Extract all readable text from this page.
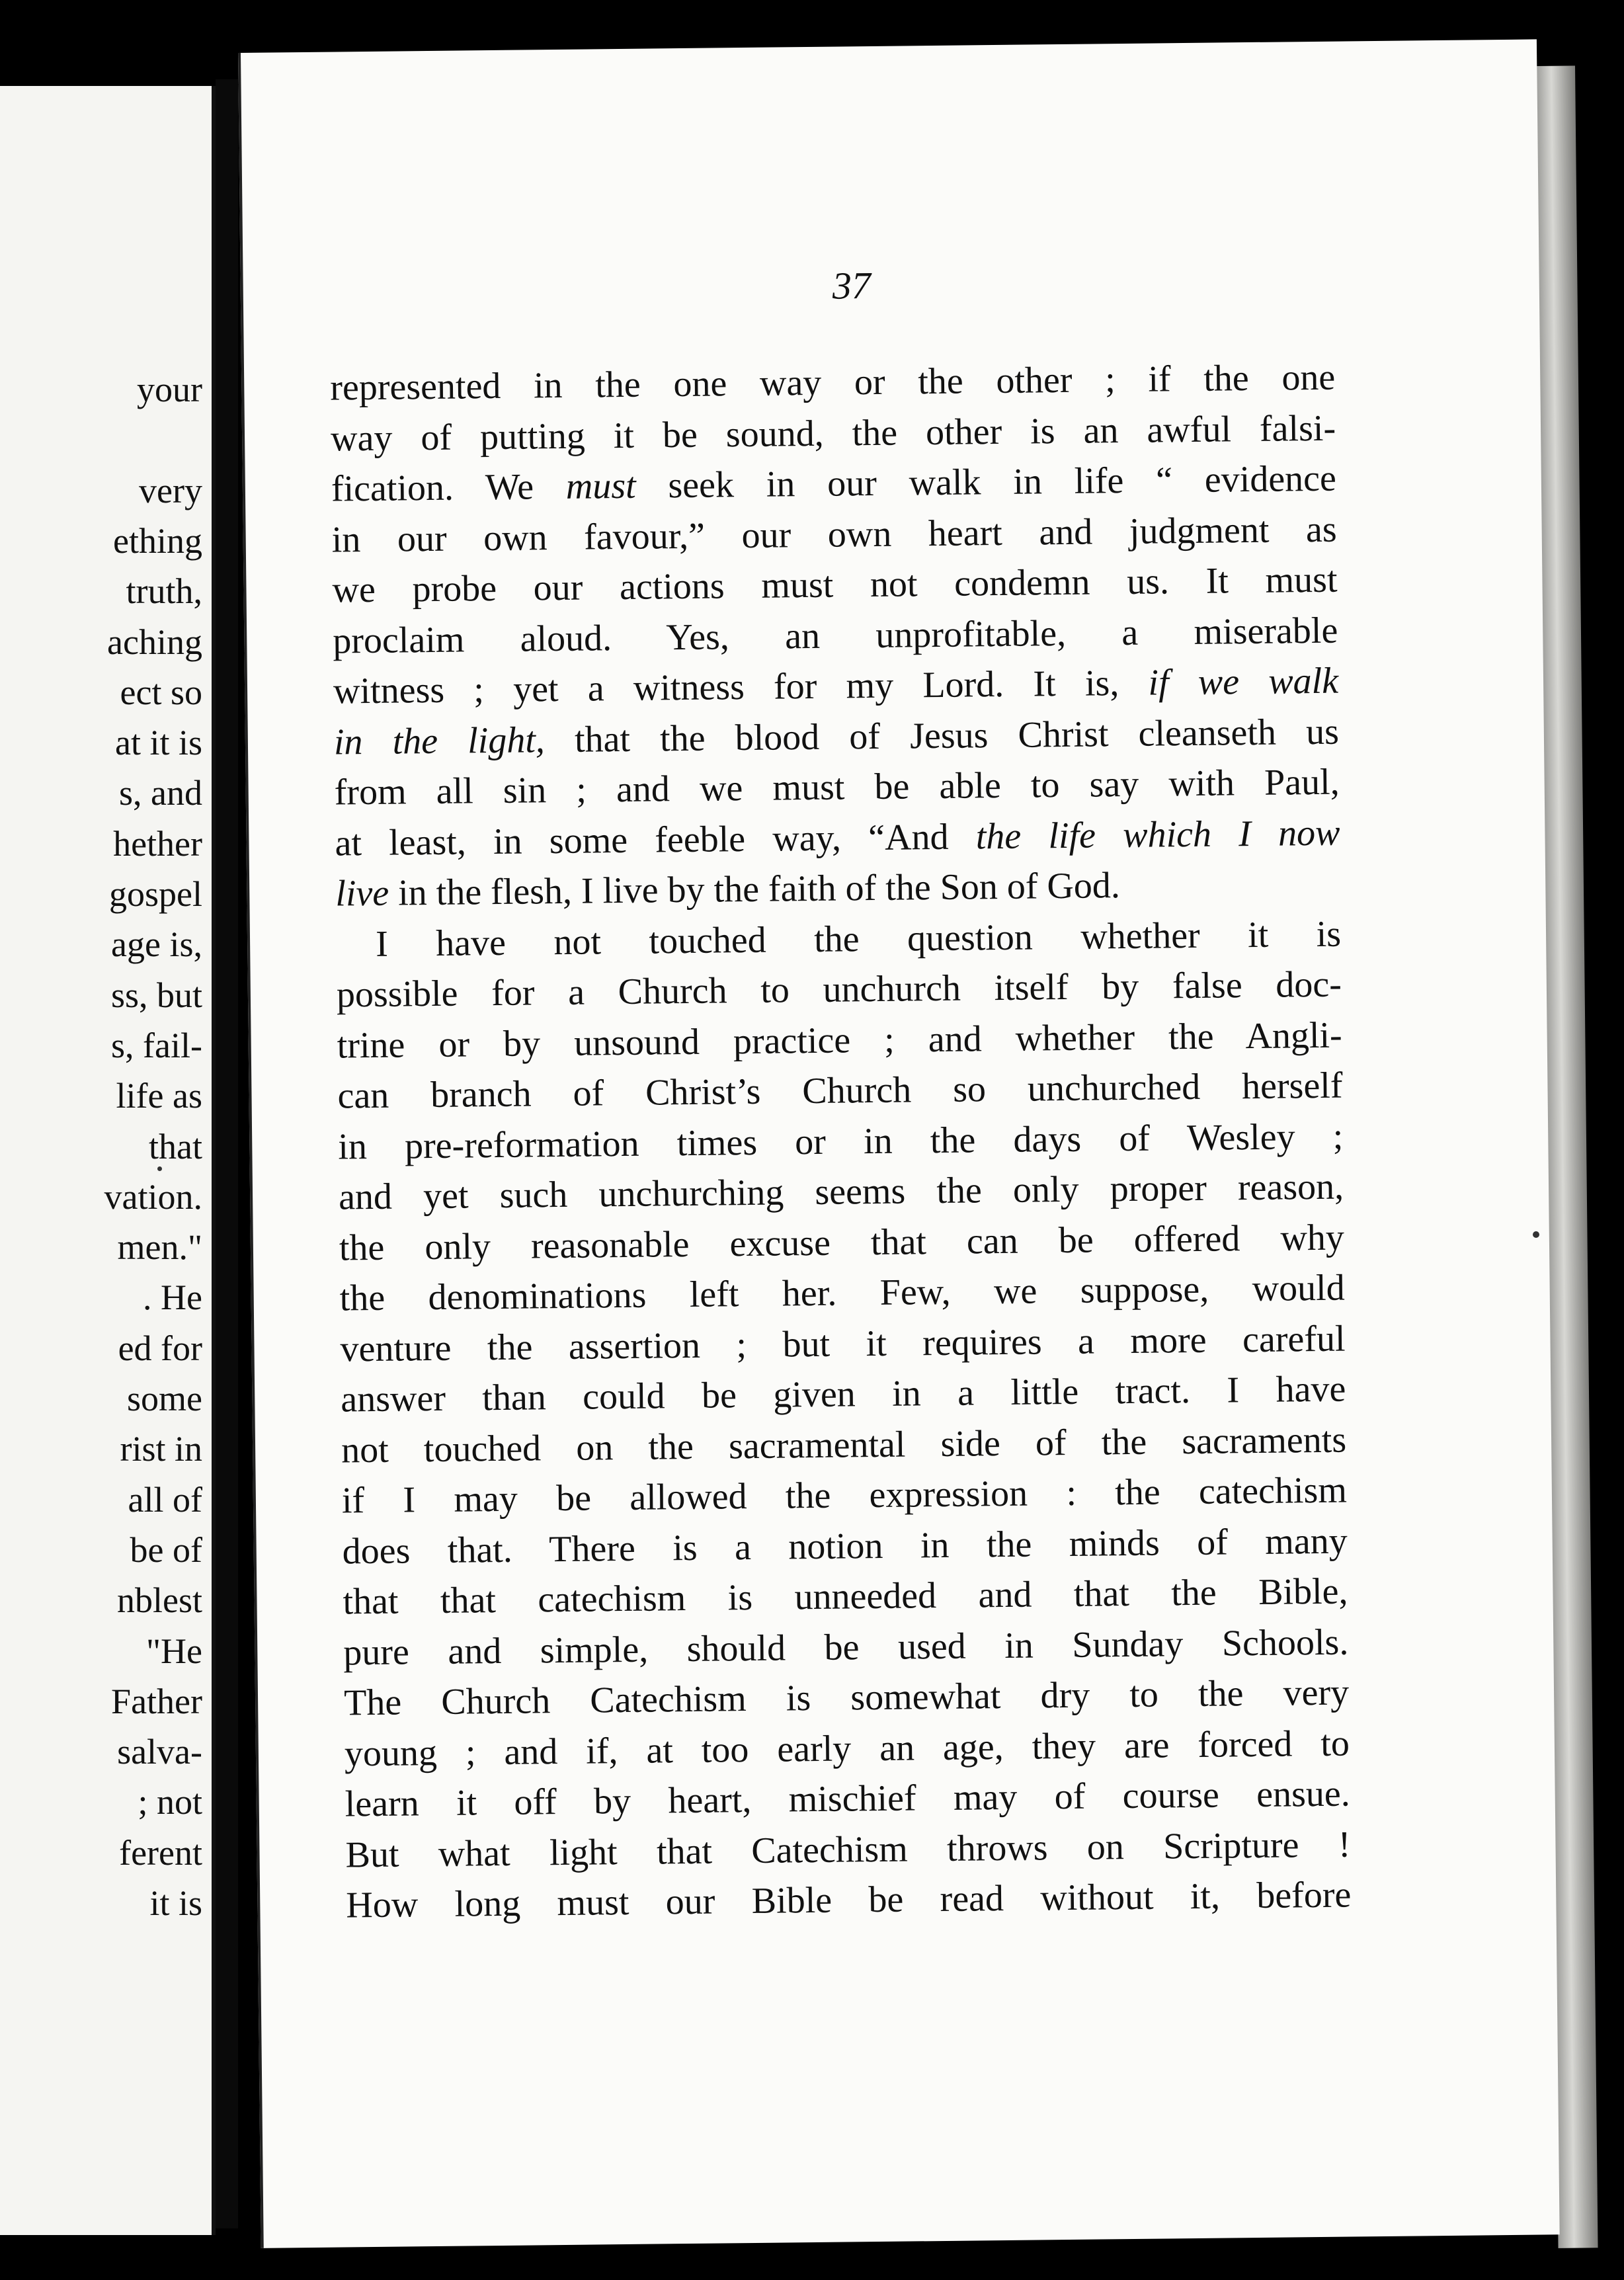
your
very
ething
truth,
aching
ect so
at it is
s, and
hether
gospel
age is,
ss, but
s, fail-
life as
that
vation.
men."
. He
ed for
some
rist in
all of
be of
nblest
"He
Father
salva-
; not
ferent
it is
37
represented in the one way or the other ; if the one
way of putting it be sound, the other is an awful falsi-
fication. We must seek in our walk in life “ evidence
in our own favour,” our own heart and judgment as
we probe our actions must not condemn us. It must
proclaim aloud. Yes, an unprofitable, a miserable
witness ; yet a witness for my Lord. It is, if we walk
in the light, that the blood of Jesus Christ cleanseth us
from all sin ; and we must be able to say with Paul,
at least, in some feeble way, “And the life which I now
live in the flesh, I live by the faith of the Son of God.
I have not touched the question whether it is
possible for a Church to unchurch itself by false doc-
trine or by unsound practice ; and whether the Angli-
can branch of Christ’s Church so unchurched herself
in pre-reformation times or in the days of Wesley ;
and yet such unchurching seems the only proper reason,
the only reasonable excuse that can be offered why
the denominations left her. Few, we suppose, would
venture the assertion ; but it requires a more careful
answer than could be given in a little tract. I have
not touched on the sacramental side of the sacraments
if I may be allowed the expression : the catechism
does that. There is a notion in the minds of many
that that catechism is unneeded and that the Bible,
pure and simple, should be used in Sunday Schools.
The Church Catechism is somewhat dry to the very
young ; and if, at too early an age, they are forced to
learn it off by heart, mischief may of course ensue.
But what light that Catechism throws on Scripture !
How long must our Bible be read without it, before
